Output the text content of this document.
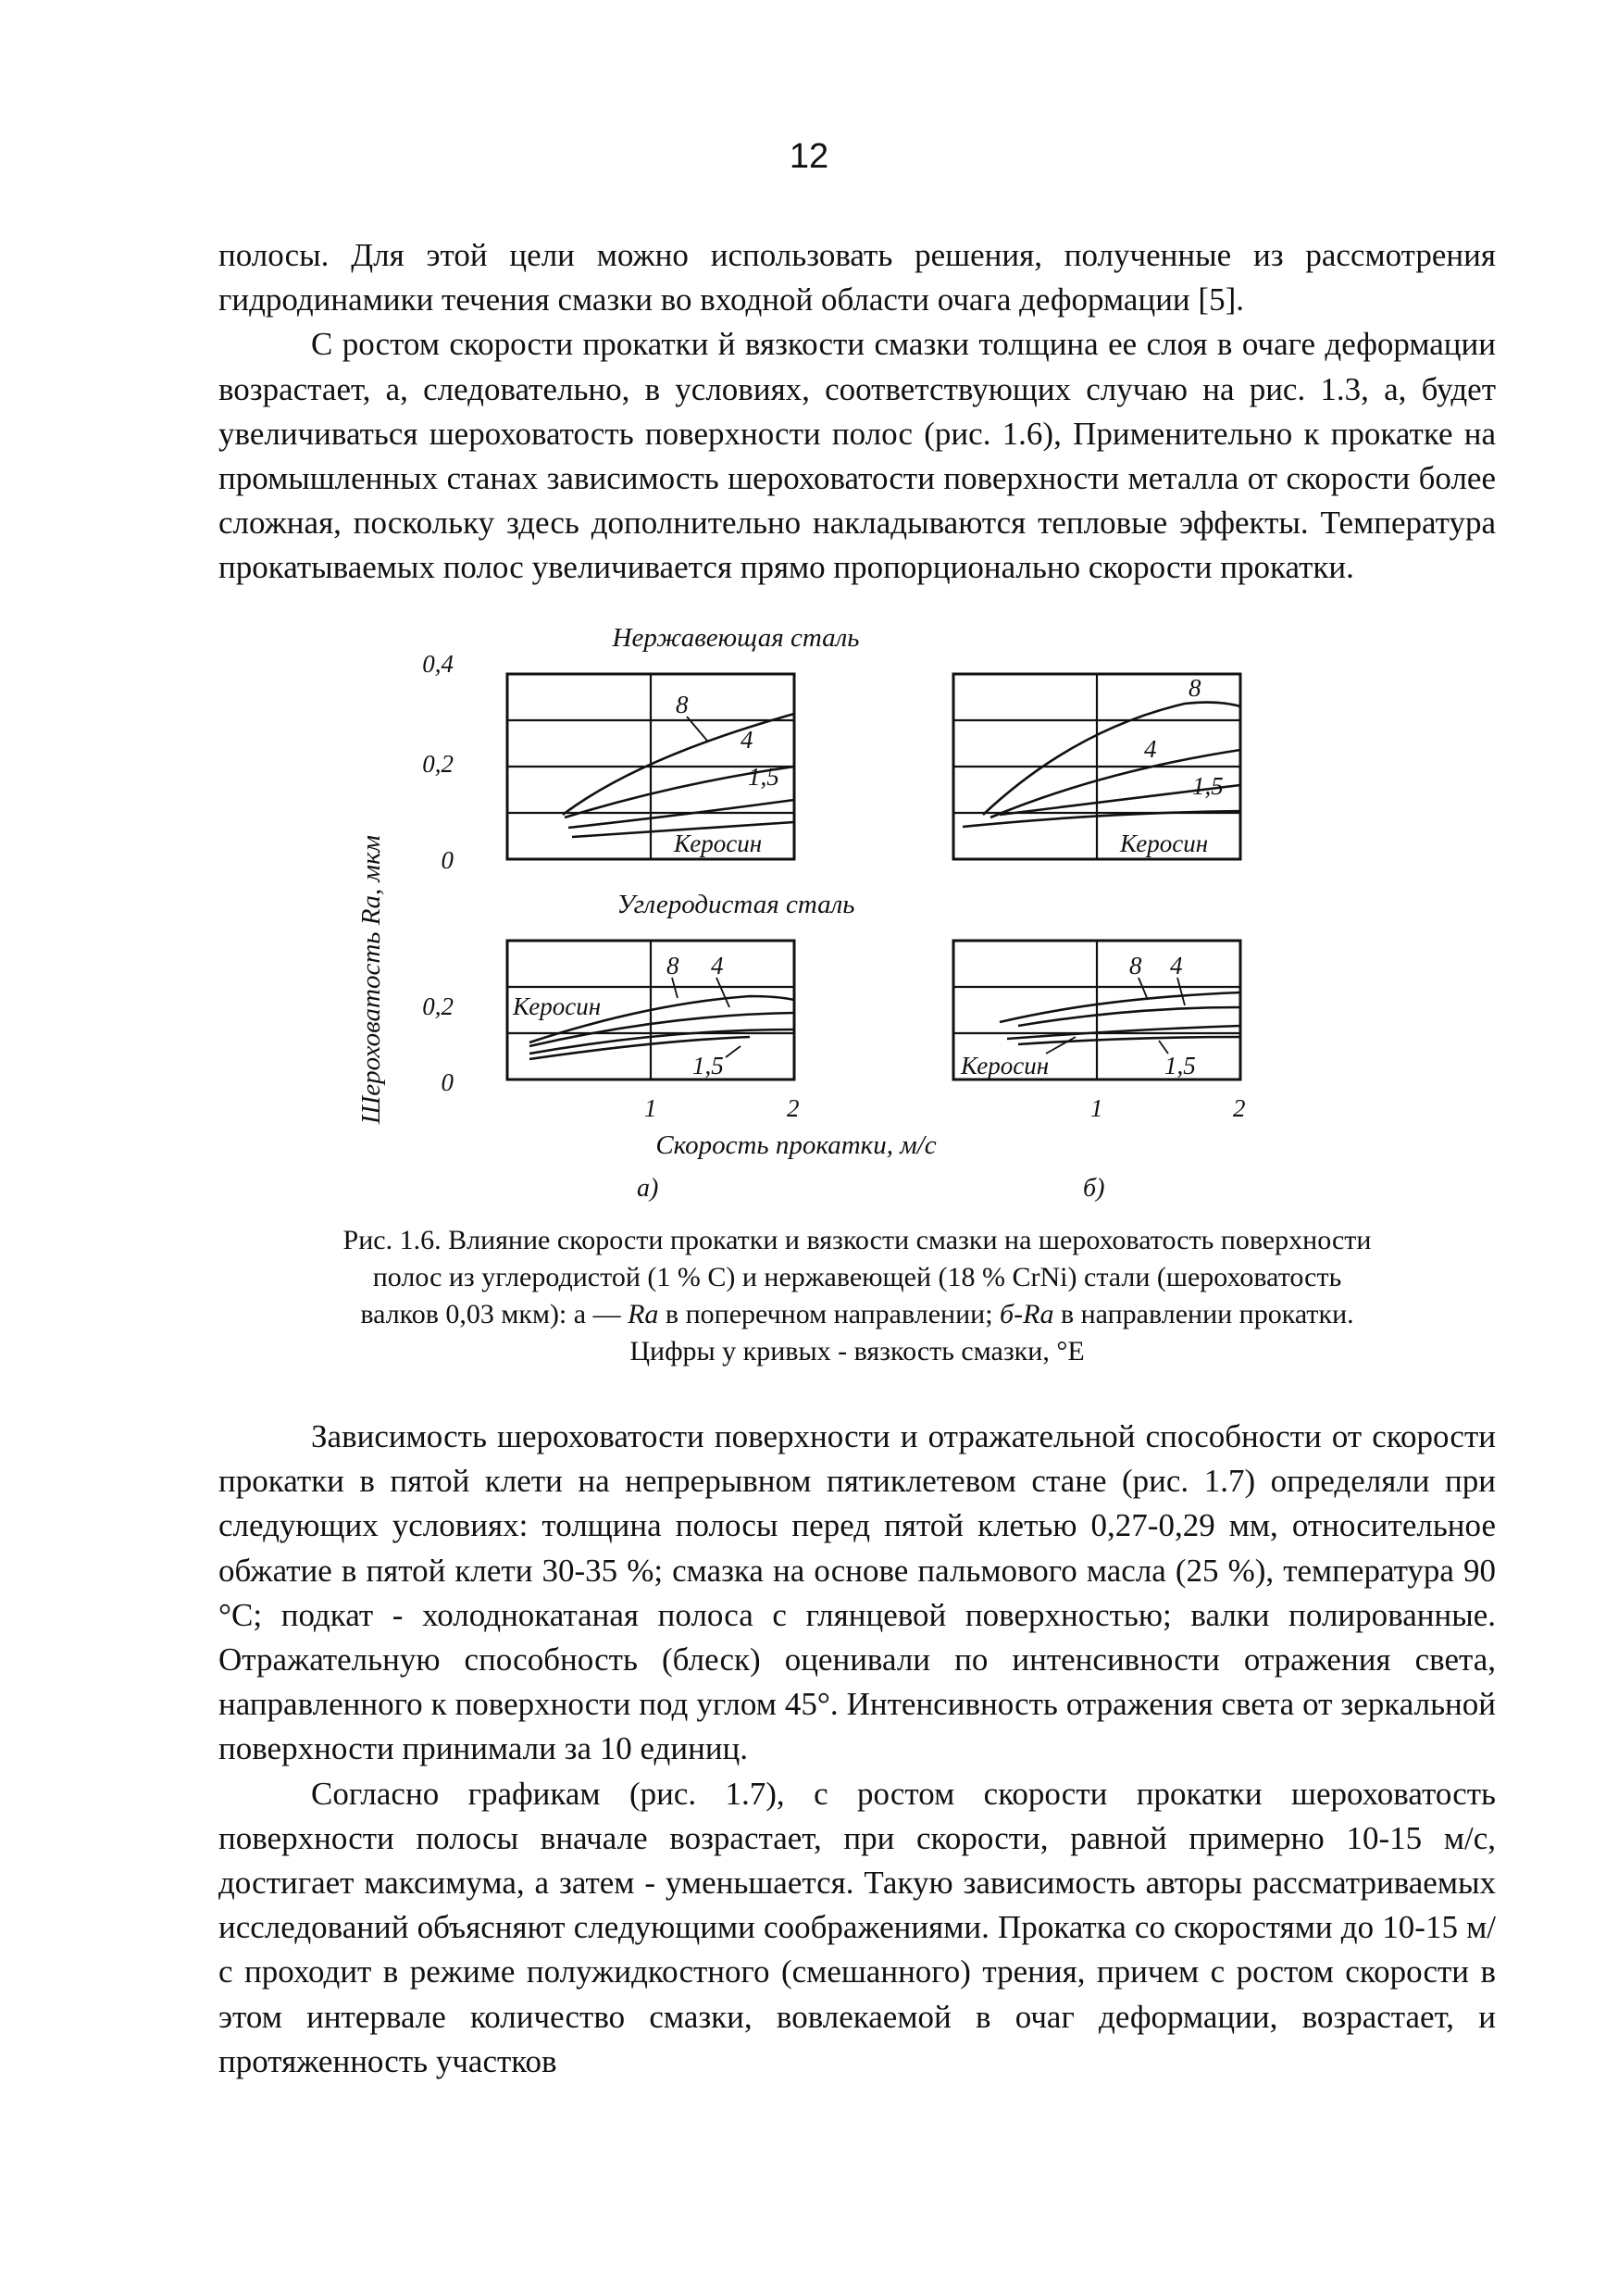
12

полосы. Для этой цели можно использовать решения, полученные из рассмотрения гидродинамики течения смазки во входной области очага деформации [5].

С ростом скорости прокатки й вязкости смазки толщина ее слоя в очаге деформации возрастает, а, следовательно, в условиях, соответствующих случаю на рис. 1.3, а, будет увеличиваться шероховатость поверхности полос (рис. 1.6), Применительно к прокатке на промышленных станах зависимость шероховатости поверхности металла от скорости более сложная, поскольку здесь дополнительно накладываются тепловые эффекты. Температура прокатываемых полос увеличивается прямо пропорционально скорости прокатки.

Нержавеющая сталь
Углеродистая сталь
Шероховатость Ra, мкм
0,4
0,2
0
0,2
0
8
4
1,5
Керосин
8
4
1,5
Керосин
Керосин
8 4
1,5
8 4
Керосин	1,5
1	2	1	2
Скорость прокатки, м/с
а)	б)

Рис. 1.6. Влияние скорости прокатки и вязкости смазки на шероховатость поверхности

полос из углеродистой (1 % С) и нержавеющей (18 % CrNi) стали (шероховатость

валков 0,03 мкм): а — Ra в поперечном направлении; б-Ra в направлении прокатки.

Цифры у кривых - вязкость смазки, °Е

Зависимость шероховатости поверхности и отражательной способности от скорости прокатки в пятой клети на непрерывном пятиклетевом стане (рис. 1.7) определяли при следующих условиях: толщина полосы перед пятой клетью 0,27-0,29 мм, относительное обжатие в пятой клети 30-35 %; смазка на основе пальмового масла (25 %), температура 90 °С; подкат - холоднокатаная полоса с глянцевой поверхностью; валки полированные. Отражательную способность (блеск) оценивали по интенсивности отражения света, направленного к поверхности под углом 45°. Интенсивность отражения света от зеркальной поверхности принимали за 10 единиц.

Согласно графикам (рис. 1.7), с ростом скорости прокатки шероховатость поверхности полосы вначале возрастает, при скорости, равной примерно 10-15 м/с, достигает максимума, а затем - уменьшается. Такую зависимость авторы рассматриваемых исследований объясняют следующими соображениями. Прокатка со скоростями до 10-15 м/с проходит в режиме полужидкостного (смешанного) трения, причем с ростом скорости в этом интервале количество смазки, вовлекаемой в очаг деформации, возрастает, и протяженность участков
